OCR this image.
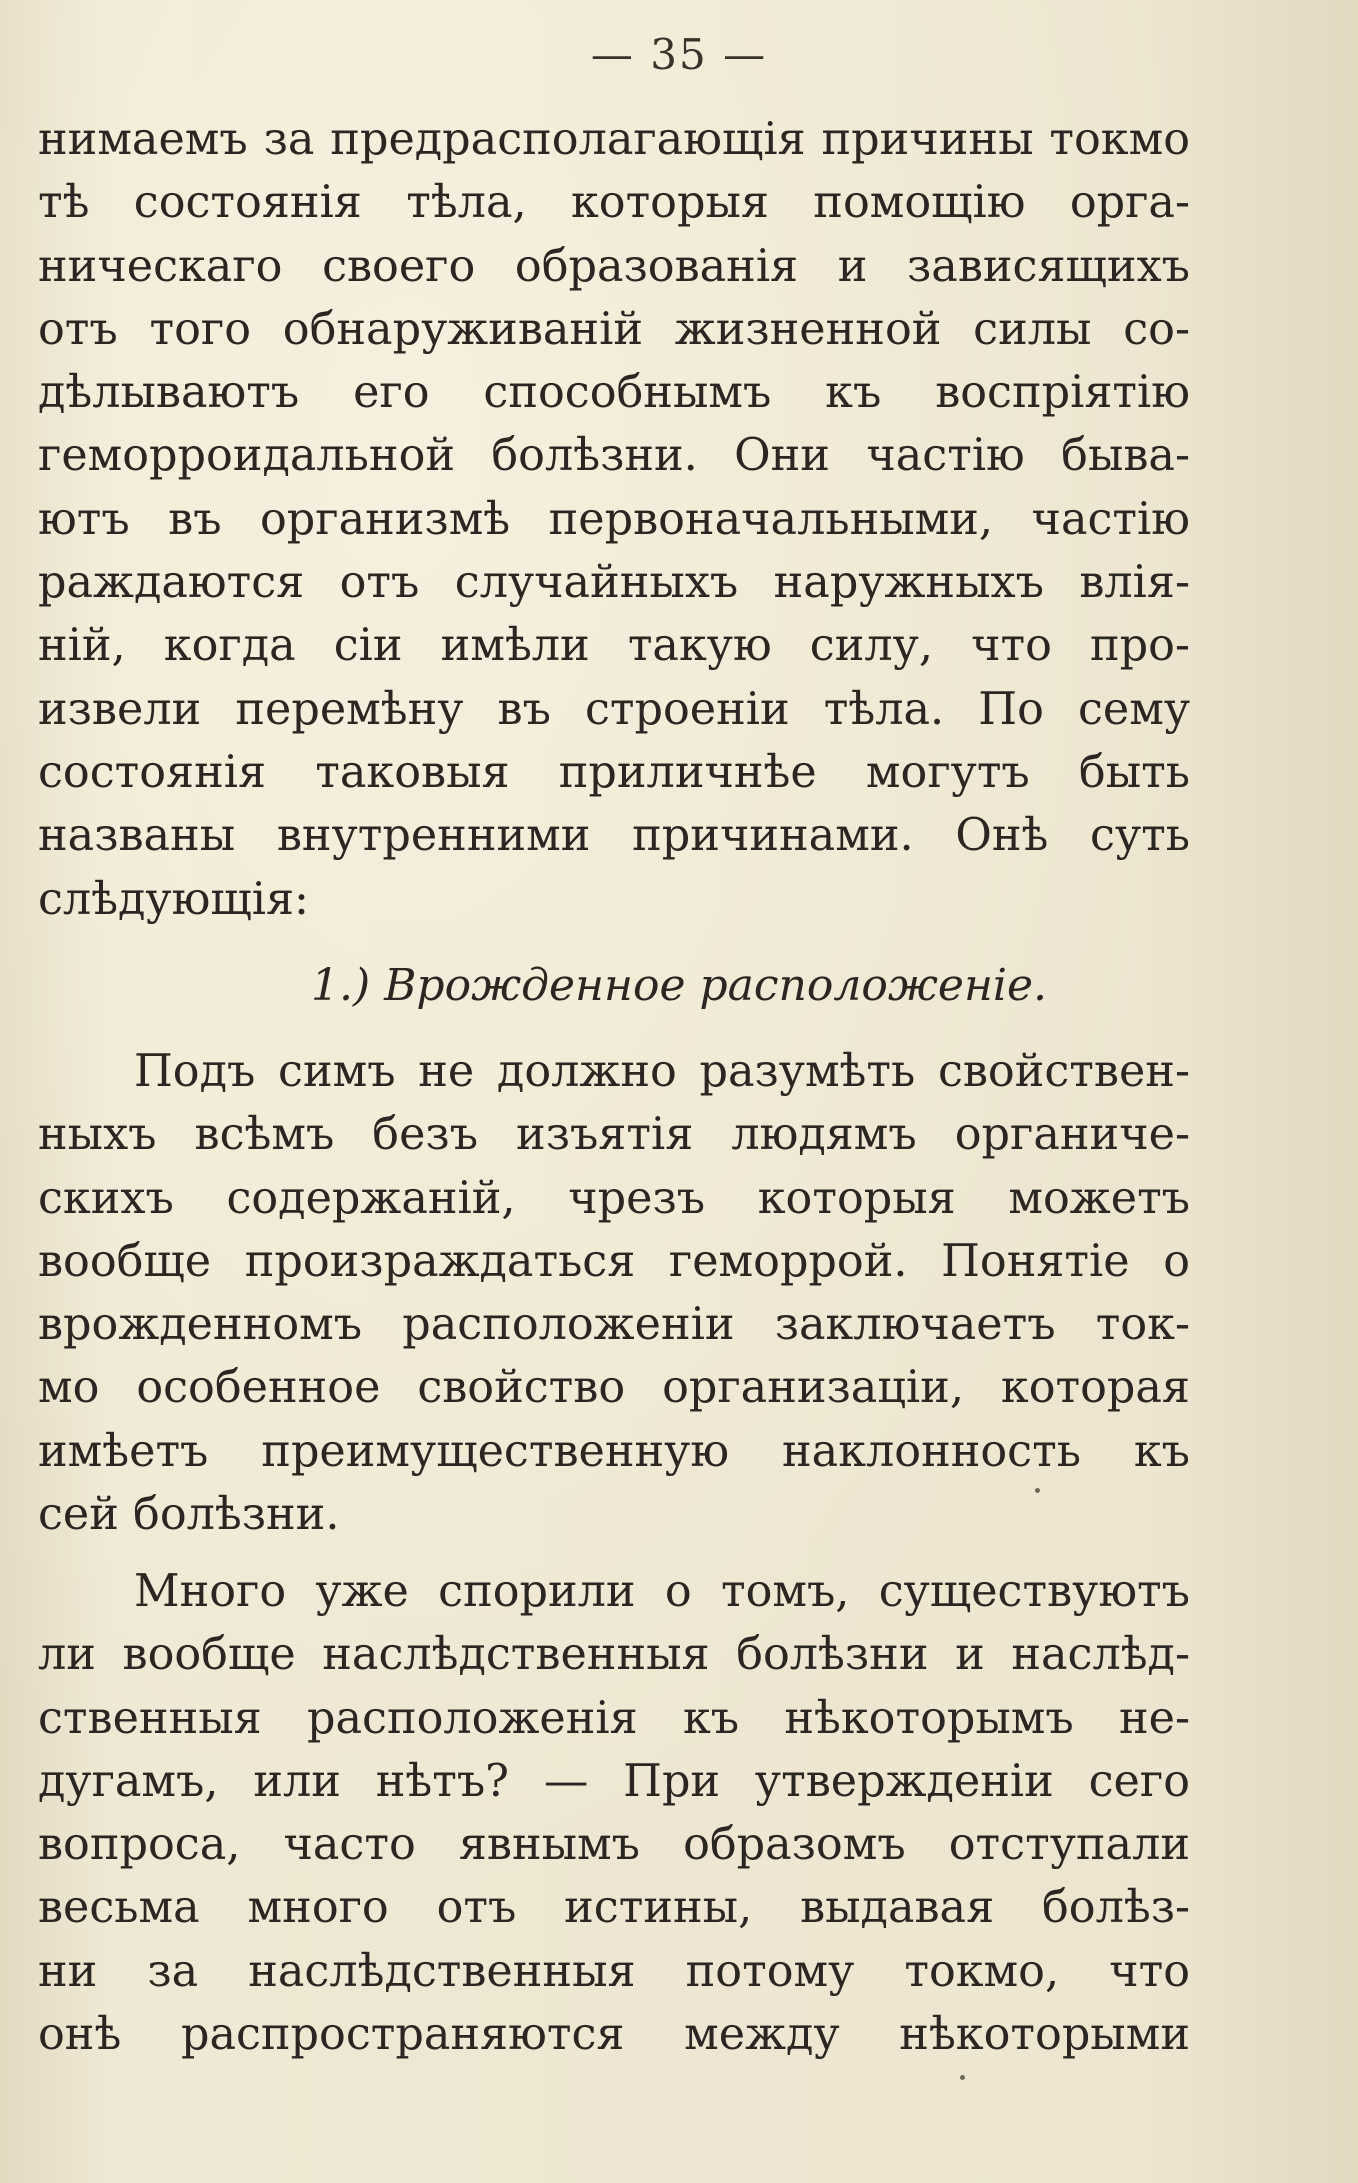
— 35 —
нимаемъ за предрасполагающія причины токмо
тѣ состоянія тѣла, которыя помощію орга-
ническаго своего образованія и зависящихъ
отъ того обнаруживаній жизненной силы со-
дѣлываютъ его способнымъ къ воспріятію
геморроидальной болѣзни. Они частію быва-
ютъ въ организмѣ первоначальными, частію
раждаются отъ случайныхъ наружныхъ влія-
ній, когда сіи имѣли такую силу, что про-
извели перемѣну въ строеніи тѣла. По сему
состоянія таковыя приличнѣе могутъ быть
названы внутренними причинами. Онѣ суть
слѣдующія:
1.) Врожденное расположеніе.
Подъ симъ не должно разумѣть свойствен-
ныхъ всѣмъ безъ изъятія людямъ органиче-
скихъ содержаній, чрезъ которыя можетъ
вообще произраждаться геморрой. Понятіе о
врожденномъ расположеніи заключаетъ ток-
мо особенное свойство организаціи, которая
имѣетъ преимущественную наклонность къ
сей болѣзни.
Много уже спорили о томъ, существуютъ
ли вообще наслѣдственныя болѣзни и наслѣд-
ственныя расположенія къ нѣкоторымъ не-
дугамъ, или нѣтъ? — При утвержденіи сего
вопроса, часто явнымъ образомъ отступали
весьма много отъ истины, выдавая болѣз-
ни за наслѣдственныя потому токмо, что
онѣ распространяются между нѣкоторыми
